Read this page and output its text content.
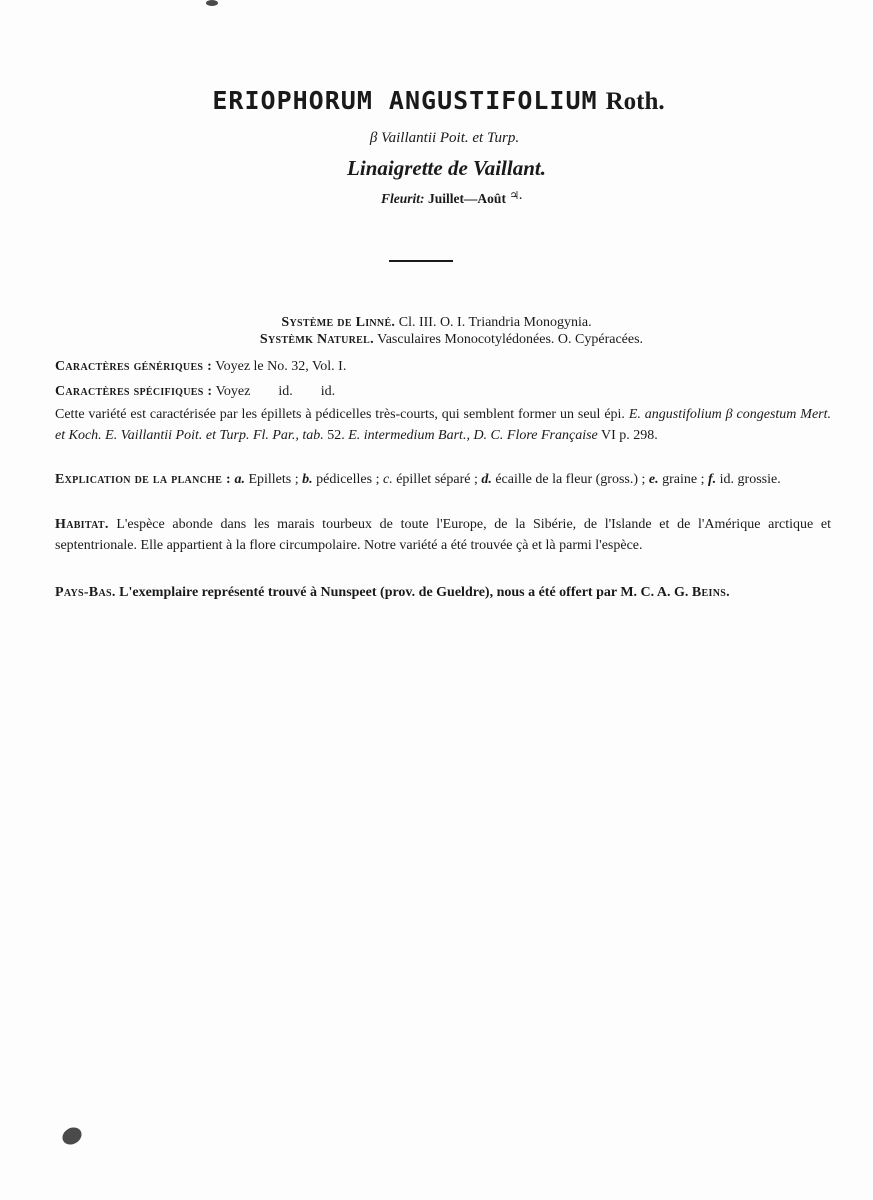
ERIOPHORUM ANGUSTIFOLIUM Roth.
β Vaillantii Poit. et Turp.
Linaigrette de Vaillant.
Fleurit: Juillet—Août ♃.
Système de Linné. Cl. III. O. I. Triandria Monogynia.
Systèmk Naturel. Vasculaires Monocotylédonées. O. Cypéracées.
Caractères génériques : Voyez le No. 32, Vol. I.
Caractères spécifiques : Voyez id. id.
Cette variété est caractérisée par les épillets à pédicelles très-courts, qui semblent former un seul épi. E. angustifolium β congestum Mert. et Koch. E. Vaillantii Poit. et Turp. Fl. Par., tab. 52. E. intermedium Bart., D. C. Flore Française VI p. 298.
Explication de la planche : a. Epillets ; b. pédicelles ; c. épillet séparé ; d. écaille de la fleur (gross.) ; e. graine ; f. id. grossie.
Habitat. L'espèce abonde dans les marais tourbeux de toute l'Europe, de la Sibérie, de l'Islande et de l'Amérique arctique et septentrionale. Elle appartient à la flore circumpolaire. Notre variété a été trouvée çà et là parmi l'espèce.
Pays-Bas. L'exemplaire représenté trouvé à Nunspeet (prov. de Gueldre), nous a été offert par M. C. A. G. Beins.
